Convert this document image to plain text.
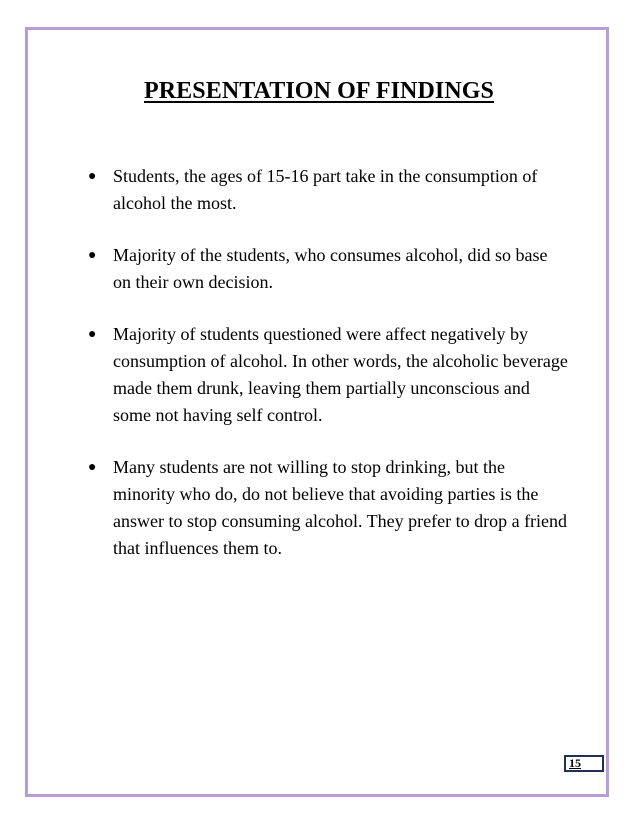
PRESENTATION OF FINDINGS
● Students, the ages of 15-16 part take in the consumption of alcohol the most.
● Majority of the students, who consumes alcohol, did so base on their own decision.
● Majority of students questioned were affect negatively by consumption of alcohol. In other words, the alcoholic beverage made them drunk, leaving them partially unconscious and some not having self control.
● Many students are not willing to stop drinking, but the minority who do, do not believe that avoiding parties is the answer to stop consuming alcohol. They prefer to drop a friend that influences them to.
15
